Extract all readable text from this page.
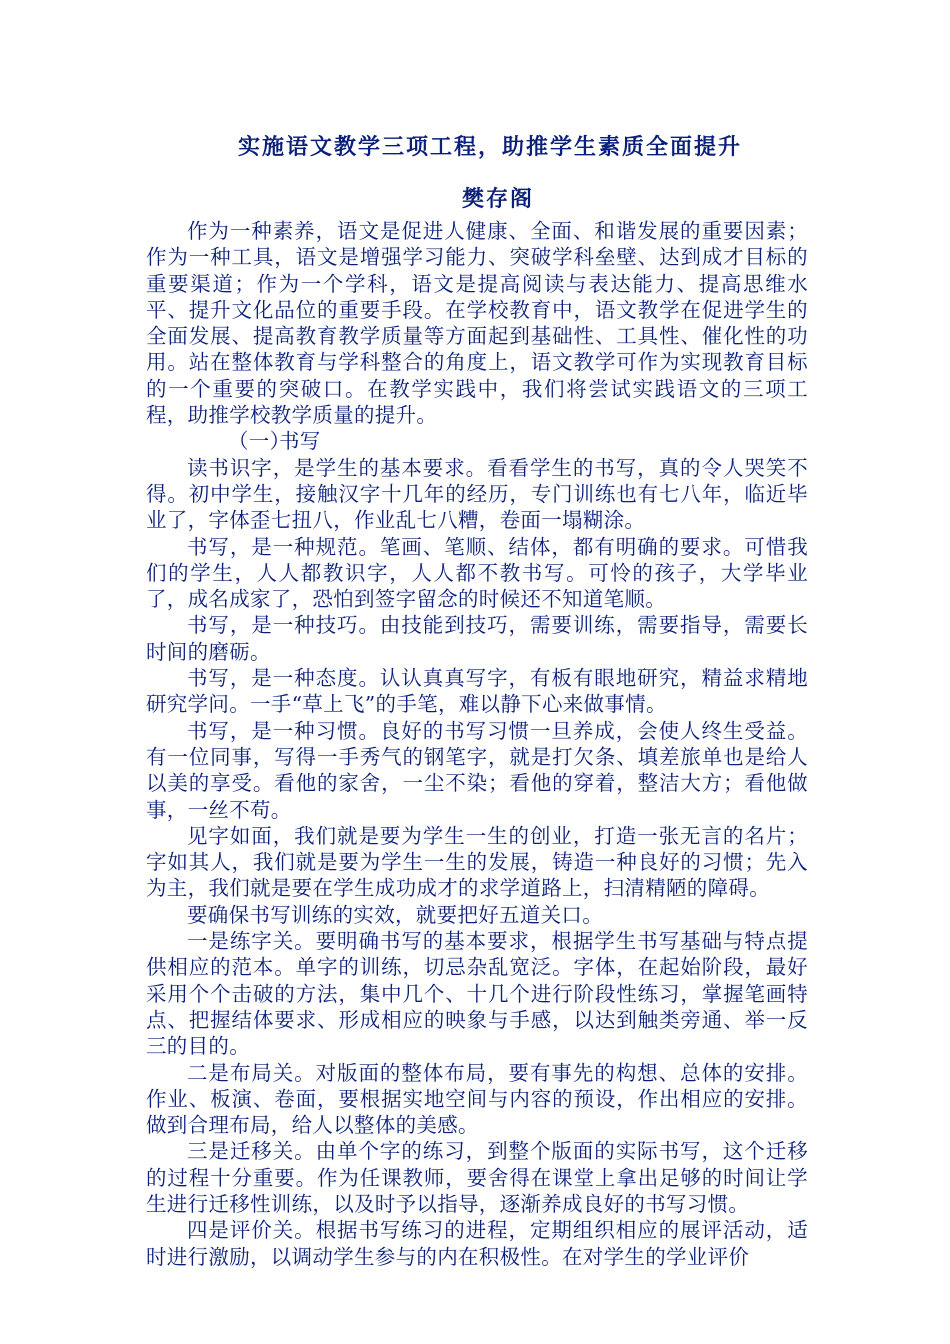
实施语文教学三项工程，助推学生素质全面提升
樊存阁

作为一种素养，语文是促进人健康、全面、和谐发展的重要因素；作为一种工具，语文是增强学习能力、突破学科垒壁、达到成才目标的重要渠道；作为一个学科，语文是提高阅读与表达能力、提高思维水平、提升文化品位的重要手段。在学校教育中，语文教学在促进学生的全面发展、提高教育教学质量等方面起到基础性、工具性、催化性的功用。站在整体教育与学科整合的角度上，语文教学可作为实现教育目标的一个重要的突破口。在教学实践中，我们将尝试实践语文的三项工程，助推学校教学质量的提升。

（一）书写

读书识字，是学生的基本要求。看看学生的书写，真的令人哭笑不得。初中学生，接触汉字十几年的经历，专门训练也有七八年，临近毕业了，字体歪七扭八，作业乱七八糟，卷面一塌糊涂。

书写，是一种规范。笔画、笔顺、结体，都有明确的要求。可惜我们的学生，人人都教识字，人人都不教书写。可怜的孩子，大学毕业了，成名成家了，恐怕到签字留念的时候还不知道笔顺。

书写，是一种技巧。由技能到技巧，需要训练，需要指导，需要长时间的磨砺。

书写，是一种态度。认认真真写字，有板有眼地研究，精益求精地研究学问。一手“草上飞”的手笔，难以静下心来做事情。

书写，是一种习惯。良好的书写习惯一旦养成，会使人终生受益。有一位同事，写得一手秀气的钢笔字，就是打欠条、填差旅单也是给人以美的享受。看他的家舍，一尘不染；看他的穿着，整洁大方；看他做事，一丝不苟。

见字如面，我们就是要为学生一生的创业，打造一张无言的名片；字如其人，我们就是要为学生一生的发展，铸造一种良好的习惯；先入为主，我们就是要在学生成功成才的求学道路上，扫清精陋的障碍。

要确保书写训练的实效，就要把好五道关口。

一是练字关。要明确书写的基本要求，根据学生书写基础与特点提供相应的范本。单字的训练，切忌杂乱宽泛。字体，在起始阶段，最好采用个个击破的方法，集中几个、十几个进行阶段性练习，掌握笔画特点、把握结体要求、形成相应的映象与手感，以达到触类旁通、举一反三的目的。

二是布局关。对版面的整体布局，要有事先的构想、总体的安排。作业、板演、卷面，要根据实地空间与内容的预设，作出相应的安排。做到合理布局，给人以整体的美感。

三是迁移关。由单个字的练习，到整个版面的实际书写，这个迁移的过程十分重要。作为任课教师，要舍得在课堂上拿出足够的时间让学生进行迁移性训练，以及时予以指导，逐渐养成良好的书写习惯。

四是评价关。根据书写练习的进程，定期组织相应的展评活动，适时进行激励，以调动学生参与的内在积极性。在对学生的学业评价
